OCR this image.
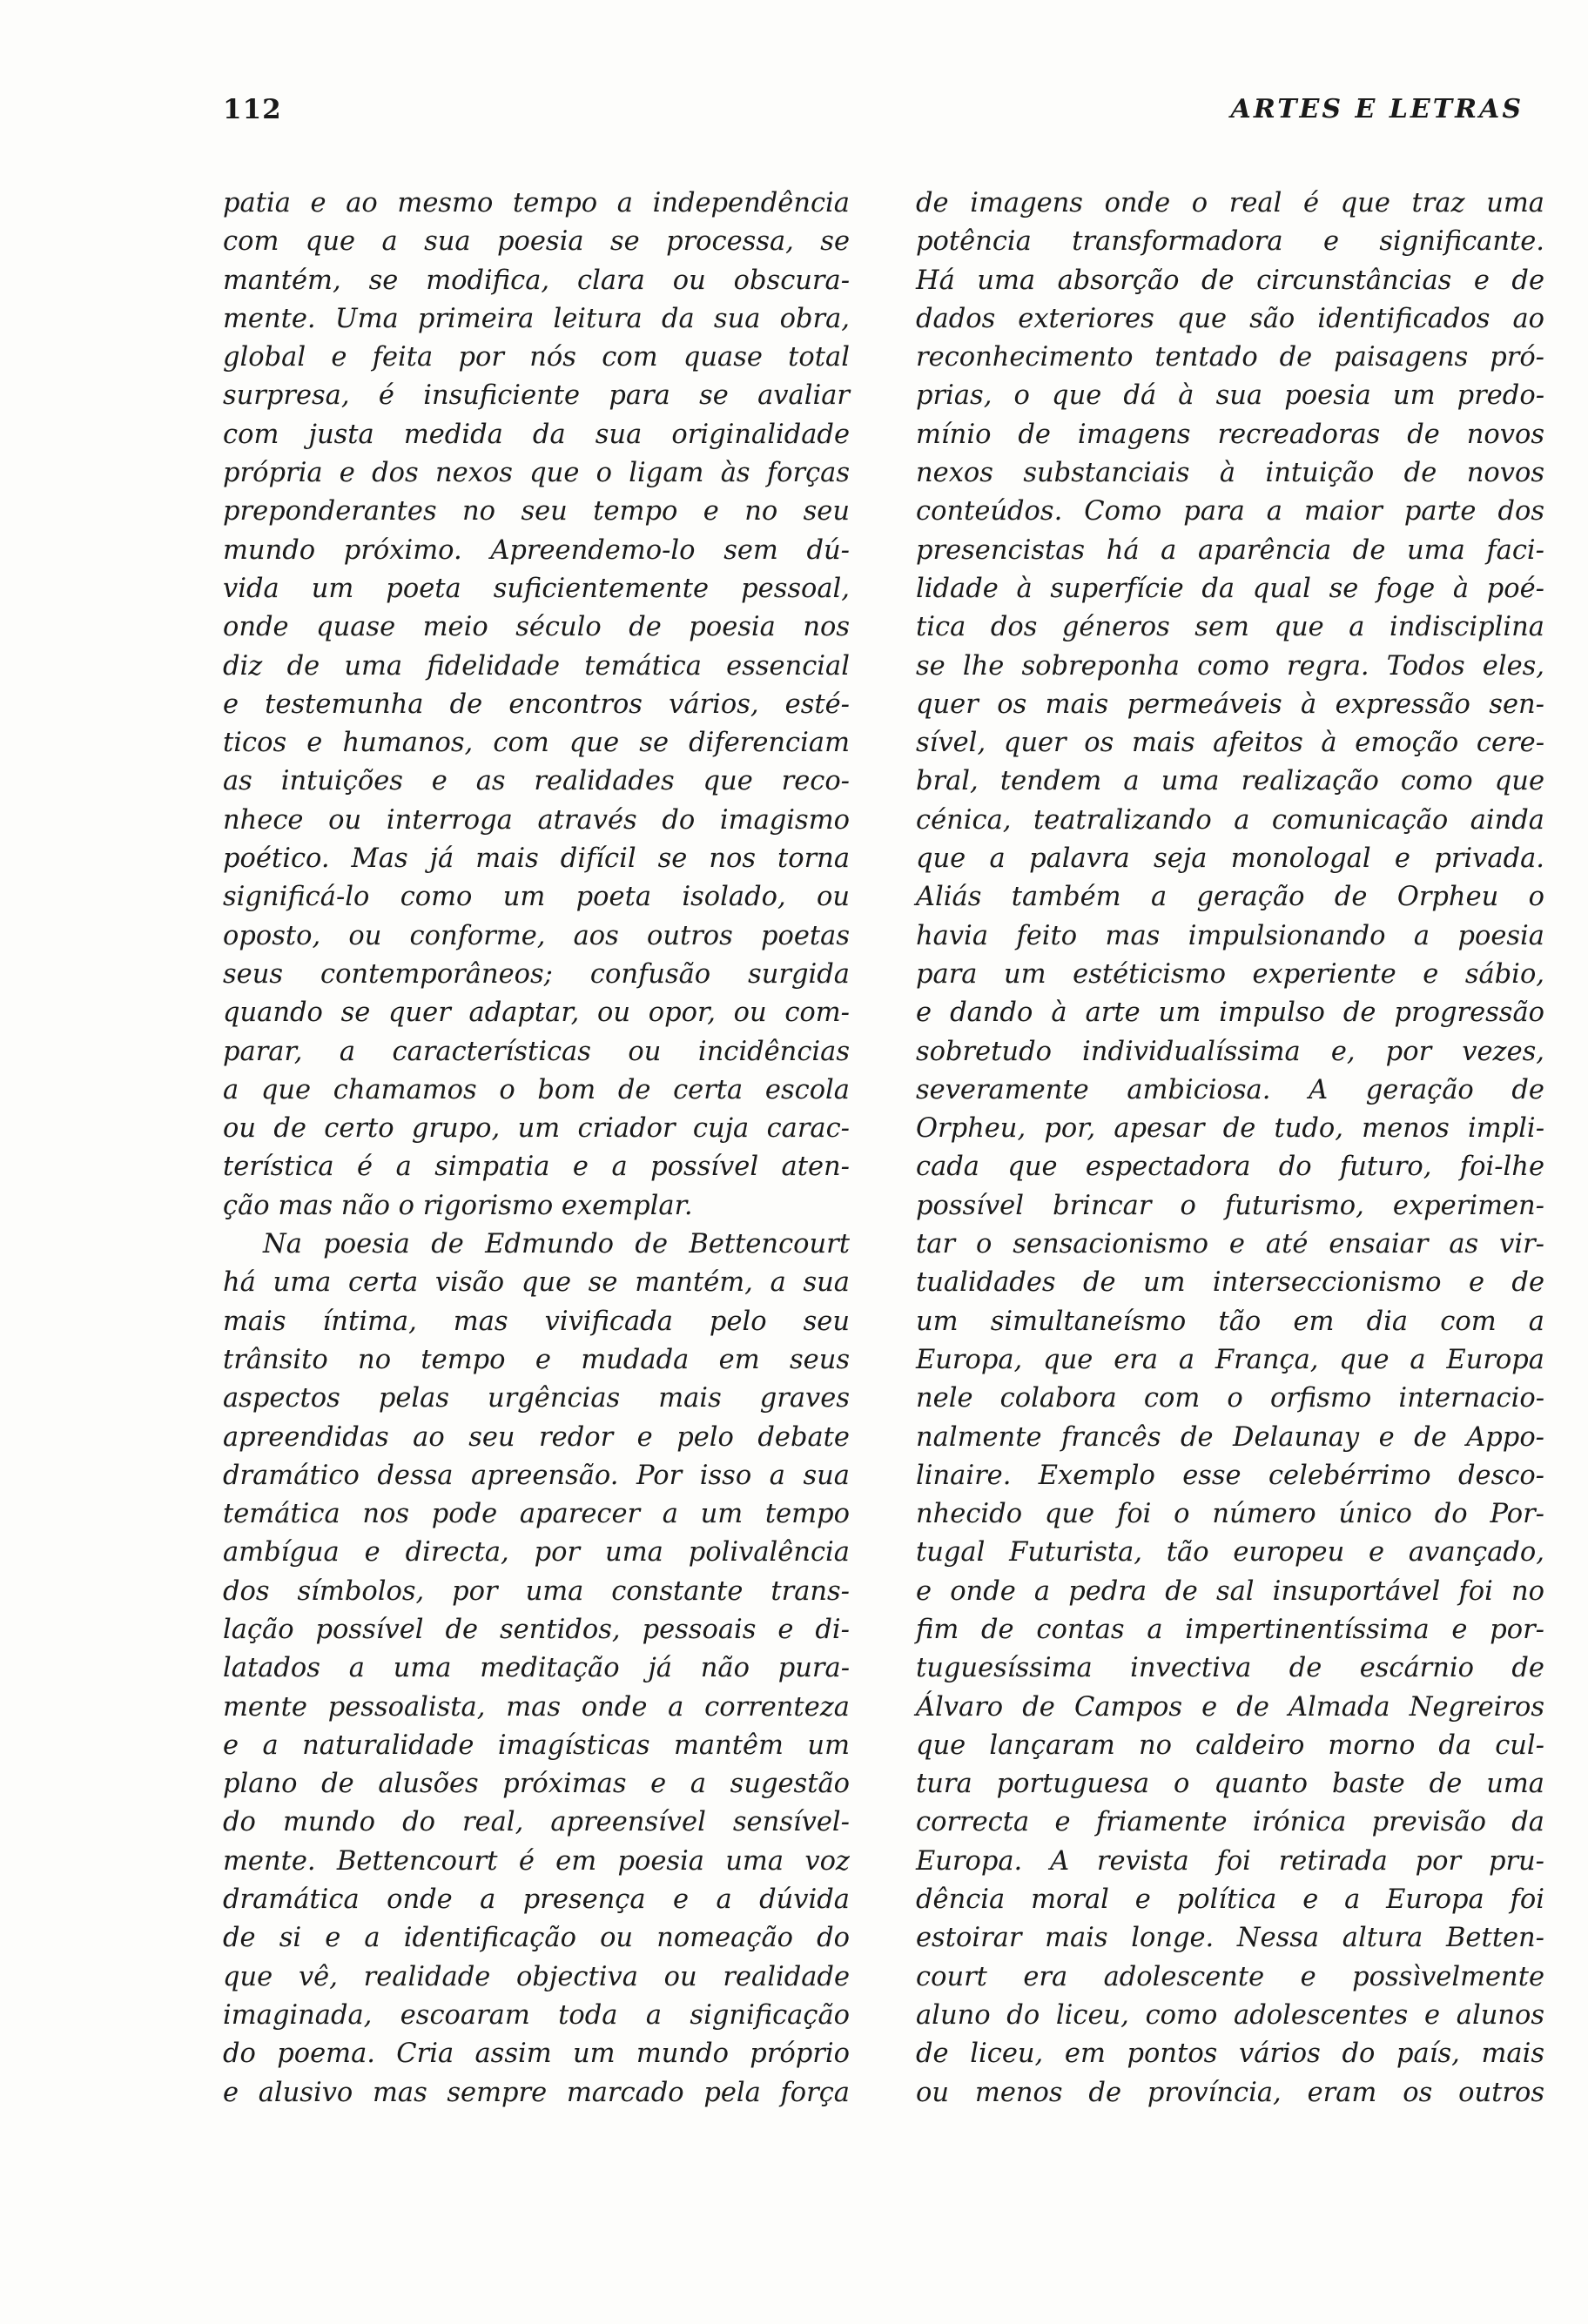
112	ARTES E LETRAS
patia e ao mesmo tempo a independência
com que a sua poesia se processa, se
mantém, se modifica, clara ou obscura-
mente. Uma primeira leitura da sua obra,
global e feita por nós com quase total
surpresa, é insuficiente para se avaliar
com justa medida da sua originalidade
própria e dos nexos que o ligam às forças
preponderantes no seu tempo e no seu
mundo próximo. Apreendemo-lo sem dú-
vida um poeta suficientemente pessoal,
onde quase meio século de poesia nos
diz de uma fidelidade temática essencial
e testemunha de encontros vários, esté-
ticos e humanos, com que se diferenciam
as intuições e as realidades que reco-
nhece ou interroga através do imagismo
poético. Mas já mais difícil se nos torna
significá-lo como um poeta isolado, ou
oposto, ou conforme, aos outros poetas
seus contemporâneos; confusão surgida
quando se quer adaptar, ou opor, ou com-
parar, a características ou incidências
a que chamamos o bom de certa escola
ou de certo grupo, um criador cuja carac-
terística é a simpatia e a possível aten-
ção mas não o rigorismo exemplar.
Na poesia de Edmundo de Bettencourt
há uma certa visão que se mantém, a sua
mais íntima, mas vivificada pelo seu
trânsito no tempo e mudada em seus
aspectos pelas urgências mais graves
apreendidas ao seu redor e pelo debate
dramático dessa apreensão. Por isso a sua
temática nos pode aparecer a um tempo
ambígua e directa, por uma polivalência
dos símbolos, por uma constante trans-
lação possível de sentidos, pessoais e di-
latados a uma meditação já não pura-
mente pessoalista, mas onde a correnteza
e a naturalidade imagísticas mantêm um
plano de alusões próximas e a sugestão
do mundo do real, apreensível sensível-
mente. Bettencourt é em poesia uma voz
dramática onde a presença e a dúvida
de si e a identificação ou nomeação do
que vê, realidade objectiva ou realidade
imaginada, escoaram toda a significação
do poema. Cria assim um mundo próprio
e alusivo mas sempre marcado pela força
de imagens onde o real é que traz uma
potência transformadora e significante.
Há uma absorção de circunstâncias e de
dados exteriores que são identificados ao
reconhecimento tentado de paisagens pró-
prias, o que dá à sua poesia um predo-
mínio de imagens recreadoras de novos
nexos substanciais à intuição de novos
conteúdos. Como para a maior parte dos
presencistas há a aparência de uma faci-
lidade à superfície da qual se foge à poé-
tica dos géneros sem que a indisciplina
se lhe sobreponha como regra. Todos eles,
quer os mais permeáveis à expressão sen-
sível, quer os mais afeitos à emoção cere-
bral, tendem a uma realização como que
cénica, teatralizando a comunicação ainda
que a palavra seja monologal e privada.
Aliás também a geração de Orpheu o
havia feito mas impulsionando a poesia
para um estéticismo experiente e sábio,
e dando à arte um impulso de progressão
sobretudo individualíssima e, por vezes,
severamente ambiciosa. A geração de
Orpheu, por, apesar de tudo, menos impli-
cada que espectadora do futuro, foi-lhe
possível brincar o futurismo, experimen-
tar o sensacionismo e até ensaiar as vir-
tualidades de um interseccionismo e de
um simultaneísmo tão em dia com a
Europa, que era a França, que a Europa
nele colabora com o orfismo internacio-
nalmente francês de Delaunay e de Appo-
linaire. Exemplo esse celebérrimo desco-
nhecido que foi o número único do Por-
tugal Futurista, tão europeu e avançado,
e onde a pedra de sal insuportável foi no
fim de contas a impertinentíssima e por-
tuguesíssima invectiva de escárnio de
Álvaro de Campos e de Almada Negreiros
que lançaram no caldeiro morno da cul-
tura portuguesa o quanto baste de uma
correcta e friamente irónica previsão da
Europa. A revista foi retirada por pru-
dência moral e política e a Europa foi
estoirar mais longe. Nessa altura Betten-
court era adolescente e possìvelmente
aluno do liceu, como adolescentes e alunos
de liceu, em pontos vários do país, mais
ou menos de província, eram os outros
